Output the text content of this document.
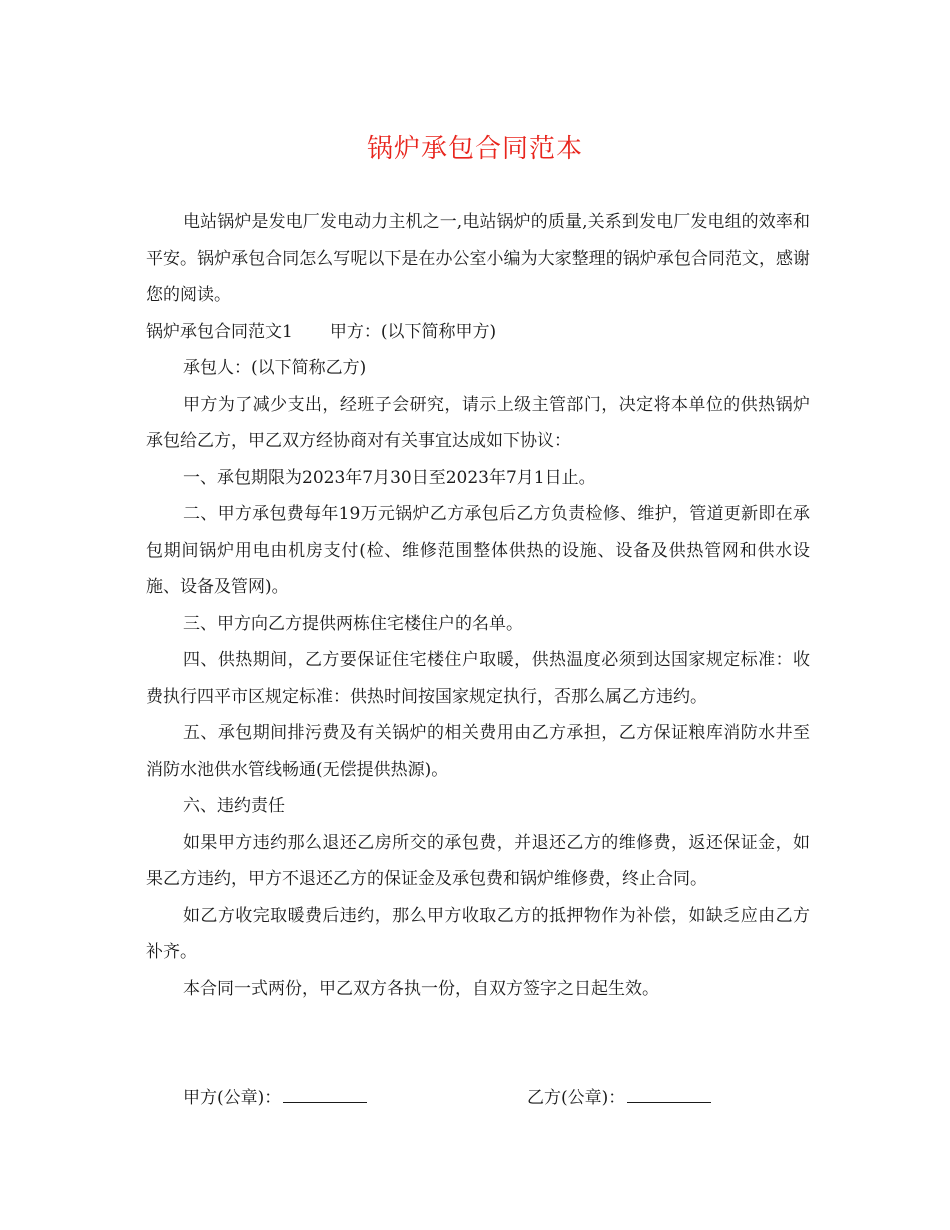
锅炉承包合同范本

电站锅炉是发电厂发电动力主机之一,电站锅炉的质量,关系到发电厂发电组的效率和平安。锅炉承包合同怎么写呢以下是在办公室小编为大家整理的锅炉承包合同范文，感谢您的阅读。

锅炉承包合同范文1 甲方：(以下简称甲方)

承包人：(以下简称乙方)

甲方为了减少支出，经班子会研究，请示上级主管部门，决定将本单位的供热锅炉承包给乙方，甲乙双方经协商对有关事宜达成如下协议：

一、承包期限为2023年7月30日至2023年7月1日止。

二、甲方承包费每年19万元锅炉乙方承包后乙方负责检修、维护，管道更新即在承包期间锅炉用电由机房支付(检、维修范围整体供热的设施、设备及供热管网和供水设施、设备及管网)。

三、甲方向乙方提供两栋住宅楼住户的名单。

四、供热期间，乙方要保证住宅楼住户取暖，供热温度必须到达国家规定标准：收费执行四平市区规定标准：供热时间按国家规定执行，否那么属乙方违约。

五、承包期间排污费及有关锅炉的相关费用由乙方承担，乙方保证粮库消防水井至消防水池供水管线畅通(无偿提供热源)。

六、违约责任

如果甲方违约那么退还乙房所交的承包费，并退还乙方的维修费，返还保证金，如果乙方违约，甲方不退还乙方的保证金及承包费和锅炉维修费，终止合同。

如乙方收完取暖费后违约，那么甲方收取乙方的抵押物作为补偿，如缺乏应由乙方补齐。

本合同一式两份，甲乙双方各执一份，自双方签字之日起生效。

甲方(公章)：	乙方(公章)：
